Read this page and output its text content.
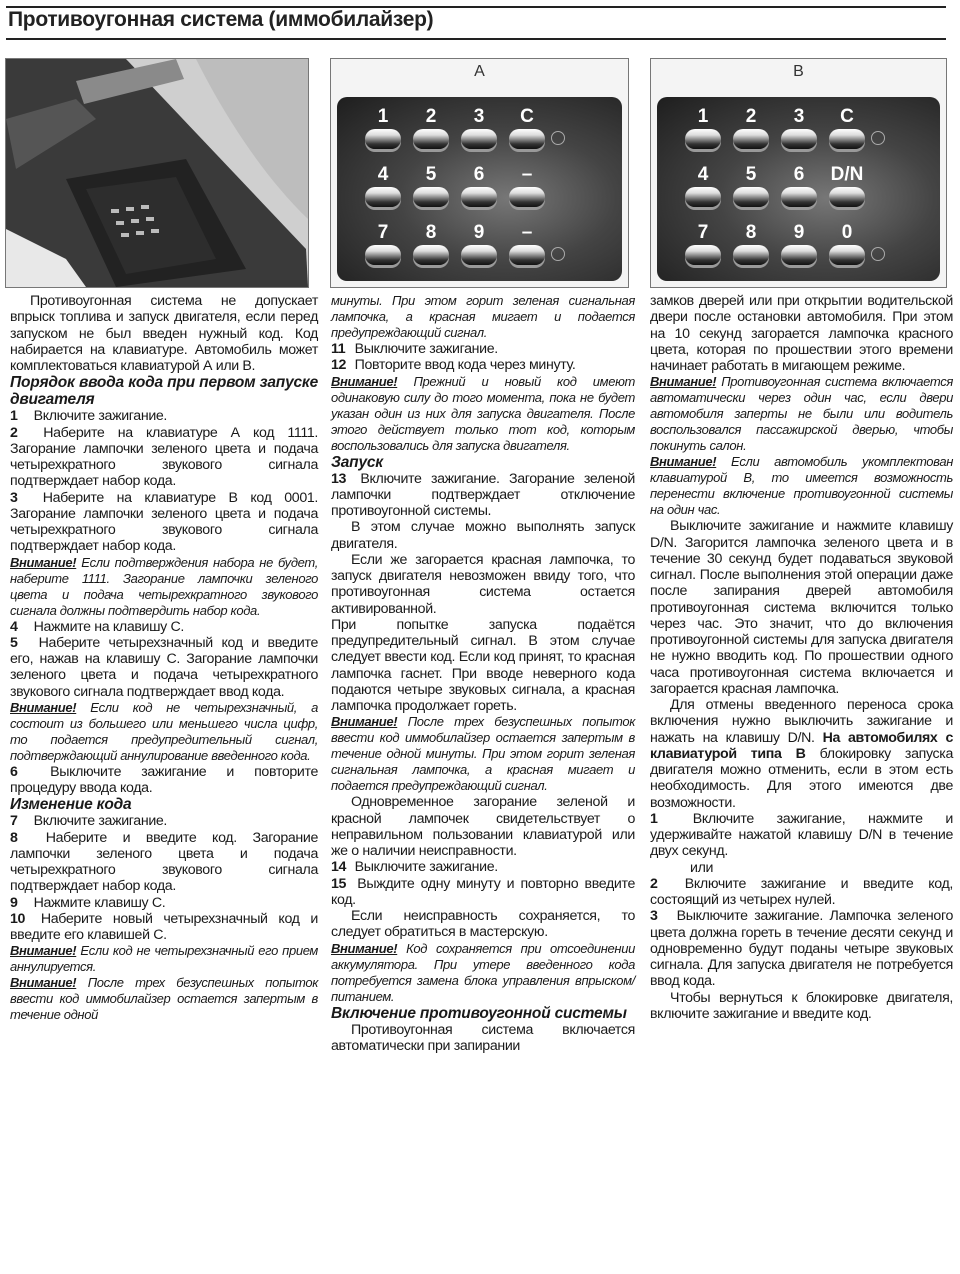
Противоугонная система (иммобилайзер)
A
1 2 3 C
4 5 6 –
7 8 9 –
B
1 2 3 C
4 5 6 D/N
7 8 9 0

Противоугонная система не допускает впрыск топлива и запуск двигателя, если перед запуском не был введен нужный код. Код набирается на клавиатуре. Автомобиль может комплектоваться клавиатурой А или В.

Порядок ввода кода при первом запуске двигателя

1 Включите зажигание.

2 Наберите на клавиатуре А код 1111. Загорание лампочки зеленого цвета и подача четырехкратного звукового сигнала подтверждает набор кода.

3 Наберите на клавиатуре В код 0001. Загорание лампочки зеленого цвета и подача четырехкратного звукового сигнала подтверждает набор кода.

Внимание! Если подтверждения набора не будет, наберите 1111. Загорание лампочки зеленого цвета и подача четырехкратного звукового сигнала должны подтвердить набор кода.

4 Нажмите на клавишу С.

5 Наберите четырехзначный код и введите его, нажав на клавишу С. Загорание лампочки зеленого цвета и подача четырехкратного звукового сигнала подтверждает ввод кода.

Внимание! Если код не четырехзначный, а состоит из большего или меньшего числа цифр, то подается предупредительный сигнал, подтверждающий аннулирование введенного кода.

6 Выключите зажигание и повторите процедуру ввода кода.

Изменение кода

7 Включите зажигание.

8 Наберите и введите код. Загорание лампочки зеленого цвета и подача четырехкратного звукового сигнала подтверждает набор кода.

9 Нажмите клавишу С.

10 Наберите новый четырехзначный код и введите его клавишей С.

Внимание! Если код не четырехзначный его прием аннулируется.

Внимание! После трех безуспешных попыток ввести код иммобилайзер остается запертым в течение одной

минуты. При этом горит зеленая сигнальная лампочка, а красная мигает и подается предупреждающий сигнал.

11 Выключите зажигание.

12 Повторите ввод кода через минуту.

Внимание! Прежний и новый код имеют одинаковую силу до того момента, пока не будет указан один из них для запуска двигателя. После этого действует только тот код, которым воспользовались для запуска двигателя.

Запуск

13 Включите зажигание. Загорание зеленой лампочки подтверждает отключение противоугонной системы.

В этом случае можно выполнять запуск двигателя.

Если же загорается красная лампочка, то запуск двигателя невозможен ввиду того, что противоугонная система остается активированной.

При попытке запуска подаётся предупредительный сигнал. В этом случае следует ввести код. Если код принят, то красная лампочка гаснет. При вводе неверного кода подаются четыре звуковых сигнала, а красная лампочка продолжает гореть.

Внимание! После трех безуспешных попыток ввести код иммобилайзер остается запертым в течение одной минуты. При этом горит зеленая сигнальная лампочка, а красная мигает и подается предупреждающий сигнал.

Одновременное загорание зеленой и красной лампочек свидетельствует о неправильном пользовании клавиатурой или же о наличии неисправности.

14 Выключите зажигание.

15 Выждите одну минуту и повторно введите код.

Если неисправность сохраняется, то следует обратиться в мастерскую.

Внимание! Код сохраняется при отсоединении аккумулятора. При утере введенного кода потребуется замена блока управления впрыском/питанием.

Включение противоугонной системы

Противоугонная система включается автоматически при запирании

замков дверей или при открытии водительской двери после остановки автомобиля. При этом на 10 секунд загорается лампочка красного цвета, которая по прошествии этого времени начинает работать в мигающем режиме.

Внимание! Противоугонная система включается автоматически через один час, если двери автомобиля заперты не были или водитель воспользовался пассажирской дверью, чтобы покинуть салон.

Внимание! Если автомобиль укомплектован клавиатурой В, то имеется возможность перенести включение противоугонной системы на один час.

Выключите зажигание и нажмите клавишу D/N. Загорится лампочка зеленого цвета и в течение 30 секунд будет подаваться звуковой сигнал. После выполнения этой операции даже после запирания дверей автомобиля противоугонная система включится только через час. Это значит, что до включения противоугонной системы для запуска двигателя не нужно вводить код. По прошествии одного часа противоугонная система включается и загорается красная лампочка.

Для отмены введенного переноса срока включения нужно выключить зажигание и нажать на клавишу D/N. На автомобилях с клавиатурой типа В блокировку запуска двигателя можно отменить, если в этом есть необходимость. Для этого имеются две возможности.

1 Включите зажигание, нажмите и удерживайте нажатой клавишу D/N в течение двух секунд.

или

2 Включите зажигание и введите код, состоящий из четырех нулей.

3 Выключите зажигание. Лампочка зеленого цвета должна гореть в течение десяти секунд и одновременно будут поданы четыре звуковых сигнала. Для запуска двигателя не потребуется ввод кода.

Чтобы вернуться к блокировке двигателя, включите зажигание и введите код.
